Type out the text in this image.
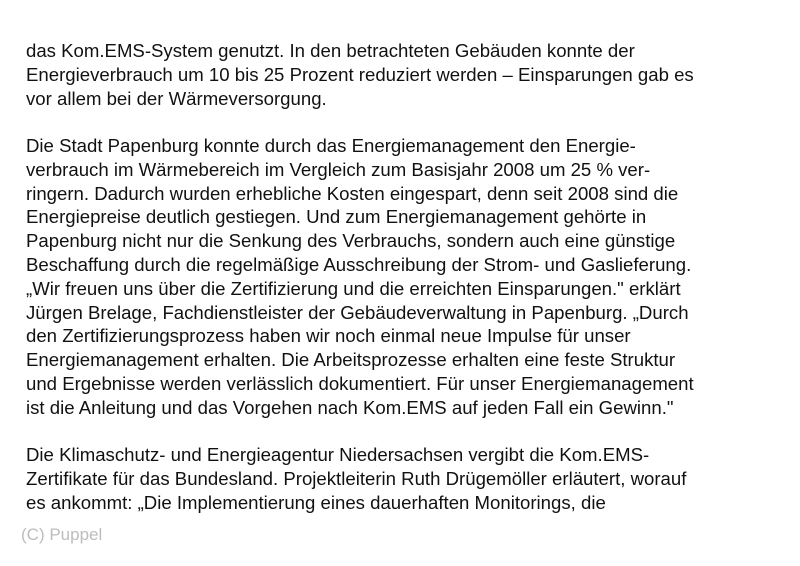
das Kom.EMS-System genutzt. In den betrachteten Gebäuden konnte der
Energieverbrauch um 10 bis 25 Prozent reduziert werden – Einsparungen gab es
vor allem bei der Wärmeversorgung.

Die Stadt Papenburg konnte durch das Energiemanagement den Energie-
verbrauch im Wärmebereich im Vergleich zum Basisjahr 2008 um 25 % ver-
ringern. Dadurch wurden erhebliche Kosten eingespart, denn seit 2008 sind die
Energiepreise deutlich gestiegen. Und zum Energiemanagement gehörte in
Papenburg nicht nur die Senkung des Verbrauchs, sondern auch eine günstige
Beschaffung durch die regelmäßige Ausschreibung der Strom- und Gaslieferung.
„Wir freuen uns über die Zertifizierung und die erreichten Einsparungen." erklärt
Jürgen Brelage, Fachdienstleister der Gebäudeverwaltung in Papenburg. „Durch
den Zertifizierungsprozess haben wir noch einmal neue Impulse für unser
Energiemanagement erhalten. Die Arbeitsprozesse erhalten eine feste Struktur
und Ergebnisse werden verlässlich dokumentiert. Für unser Energiemanagement
ist die Anleitung und das Vorgehen nach Kom.EMS auf jeden Fall ein Gewinn."

Die Klimaschutz- und Energieagentur Niedersachsen vergibt die Kom.EMS-
Zertifikate für das Bundesland. Projektleiterin Ruth Drügemöller erläutert, worauf
es ankommt: „Die Implementierung eines dauerhaften Monitorings, die

(C) Puppel
